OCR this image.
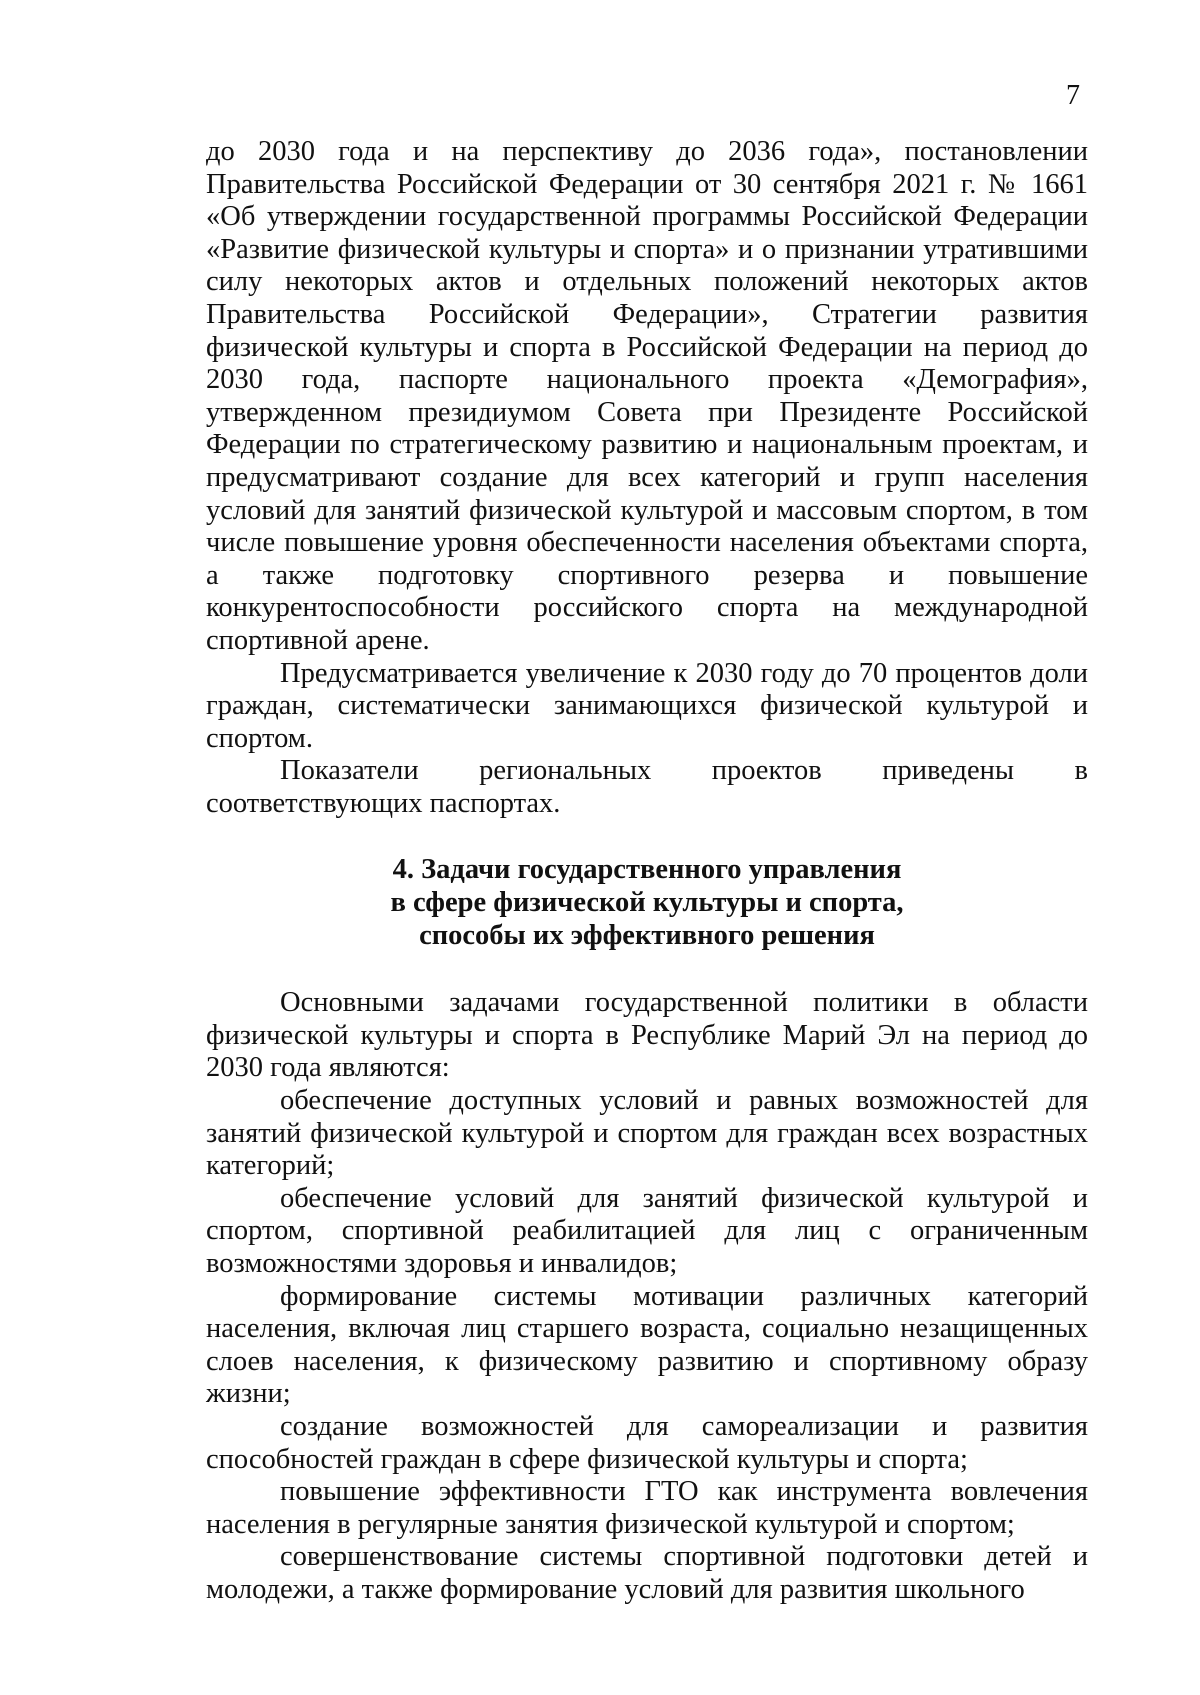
7

до 2030 года и на перспективу до 2036 года», постановлении Правительства Российской Федерации от 30 сентября 2021 г. № 1661 «Об утверждении государственной программы Российской Федерации «Развитие физической культуры и спорта» и о признании утратившими силу некоторых актов и отдельных положений некоторых актов Правительства Российской Федерации», Стратегии развития физической культуры и спорта в Российской Федерации на период до 2030 года, паспорте национального проекта «Демография», утвержденном президиумом Совета при Президенте Российской Федерации по стратегическому развитию и национальным проектам, и предусматривают создание для всех категорий и групп населения условий для занятий физической культурой и массовым спортом, в том числе повышение уровня обеспеченности населения объектами спорта, а также подготовку спортивного резерва и повышение конкурентоспособности российского спорта на международной спортивной арене.

Предусматривается увеличение к 2030 году до 70 процентов доли граждан, систематически занимающихся физической культурой и спортом.

Показатели региональных проектов приведены в соответствующих паспортах.

4. Задачи государственного управления
в сфере физической культуры и спорта,
способы их эффективного решения

Основными задачами государственной политики в области физической культуры и спорта в Республике Марий Эл на период до 2030 года являются:

обеспечение доступных условий и равных возможностей для занятий физической культурой и спортом для граждан всех возрастных категорий;

обеспечение условий для занятий физической культурой и спортом, спортивной реабилитацией для лиц с ограниченным возможностями здоровья и инвалидов;

формирование системы мотивации различных категорий населения, включая лиц старшего возраста, социально незащищенных слоев населения, к физическому развитию и спортивному образу жизни;

создание возможностей для самореализации и развития способностей граждан в сфере физической культуры и спорта;

повышение эффективности ГТО как инструмента вовлечения населения в регулярные занятия физической культурой и спортом;

совершенствование системы спортивной подготовки детей и молодежи, а также формирование условий для развития школьного
